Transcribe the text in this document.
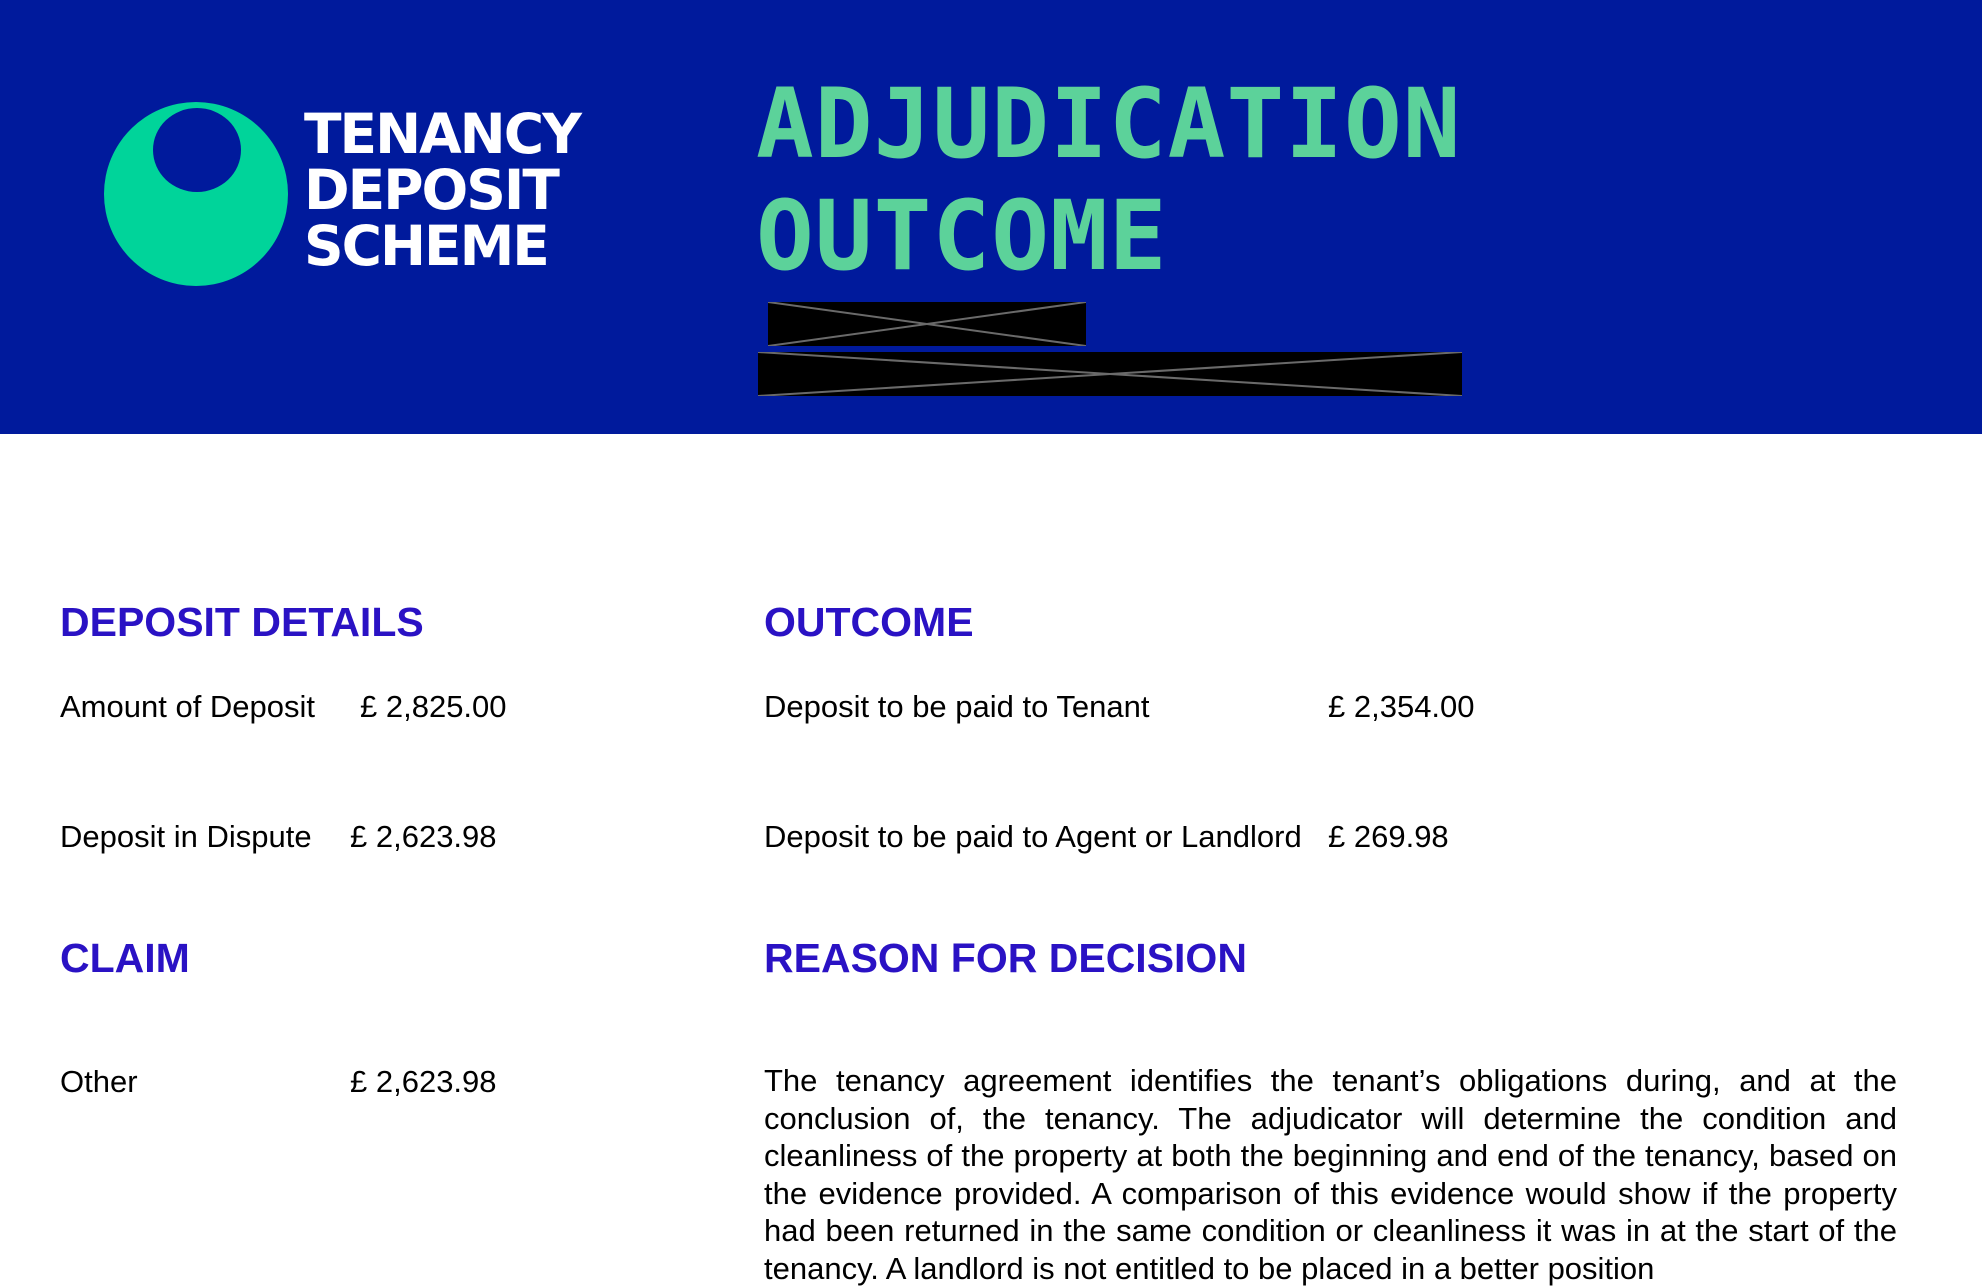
TENANCY
DEPOSIT
SCHEME
ADJUDICATION
OUTCOME
DEPOSIT DETAILS
Amount of Deposit £ 2,825.00
Deposit in Dispute £ 2,623.98
OUTCOME
Deposit to be paid to Tenant	£ 2,354.00
Deposit to be paid to Agent or Landlord £ 269.98
CLAIM
Other	£ 2,623.98
REASON FOR DECISION
The tenancy agreement identifies the tenant’s obligations during, and at the conclusion of, the tenancy. The adjudicator will determine the condition and cleanliness of the property at both the beginning and end of the tenancy, based on the evidence provided. A comparison of this evidence would show if the property had been returned in the same condition or cleanliness it was in at the start of the tenancy. A landlord is not entitled to be placed in a better position
